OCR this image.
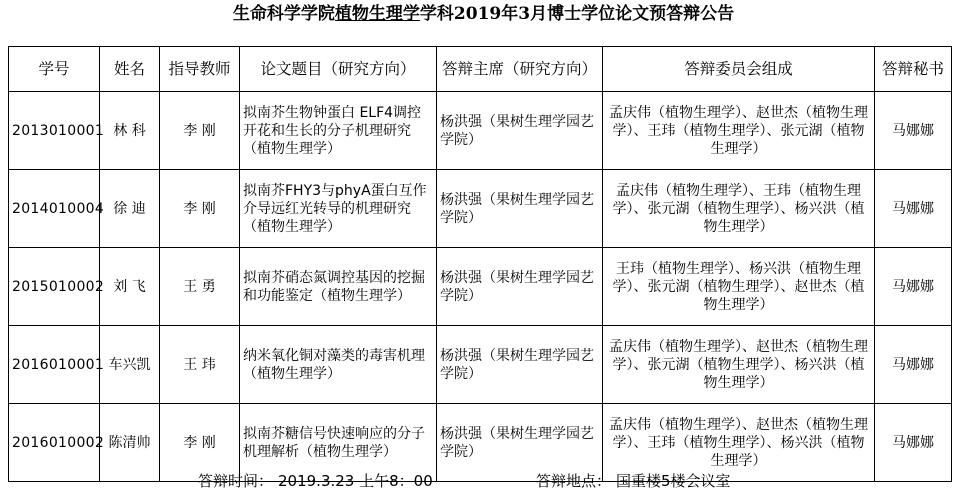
生命科学学院植物生理学学科2019年3月博士学位论文预答辩公告
学号	姓名	指导教师	论文题目（研究方向）	答辩主席（研究方向）	答辩委员会组成	答辩秘书
2013010001	林 科	李 刚	拟南芥生物钟蛋白 ELF4调控开花和生长的分子机理研究（植物生理学）	杨洪强（果树生理学园艺学院）	孟庆伟（植物生理学）、赵世杰（植物生理学）、王玮（植物生理学）、张元湖（植物生理学）	马娜娜
2014010004	徐 迪	李 刚	拟南芥FHY3与phyA蛋白互作介导远红光转导的机理研究（植物生理学）	杨洪强（果树生理学园艺学院）	孟庆伟（植物生理学）、王玮（植物生理学）、张元湖（植物生理学）、杨兴洪（植物生理学）	马娜娜
2015010002	刘 飞	王 勇	拟南芥硝态氮调控基因的挖掘和功能鉴定（植物生理学）	杨洪强（果树生理学园艺学院）	王玮（植物生理学）、杨兴洪（植物生理学）、张元湖（植物生理学）、赵世杰（植物生理学）	马娜娜
2016010001	车兴凯	王 玮	纳米氧化铜对藻类的毒害机理（植物生理学）	杨洪强（果树生理学园艺学院）	孟庆伟（植物生理学）、赵世杰（植物生理学）、张元湖（植物生理学）、杨兴洪（植物生理学）	马娜娜
2016010002	陈清帅	李 刚	拟南芥糖信号快速响应的分子机理解析（植物生理学）	杨洪强（果树生理学园艺学院）	孟庆伟（植物生理学）、赵世杰（植物生理学）、王玮（植物生理学）、杨兴洪（植物生理学）	马娜娜
答辩时间： 2019.3.23 上午8：00	答辩地点： 国重楼5楼会议室
